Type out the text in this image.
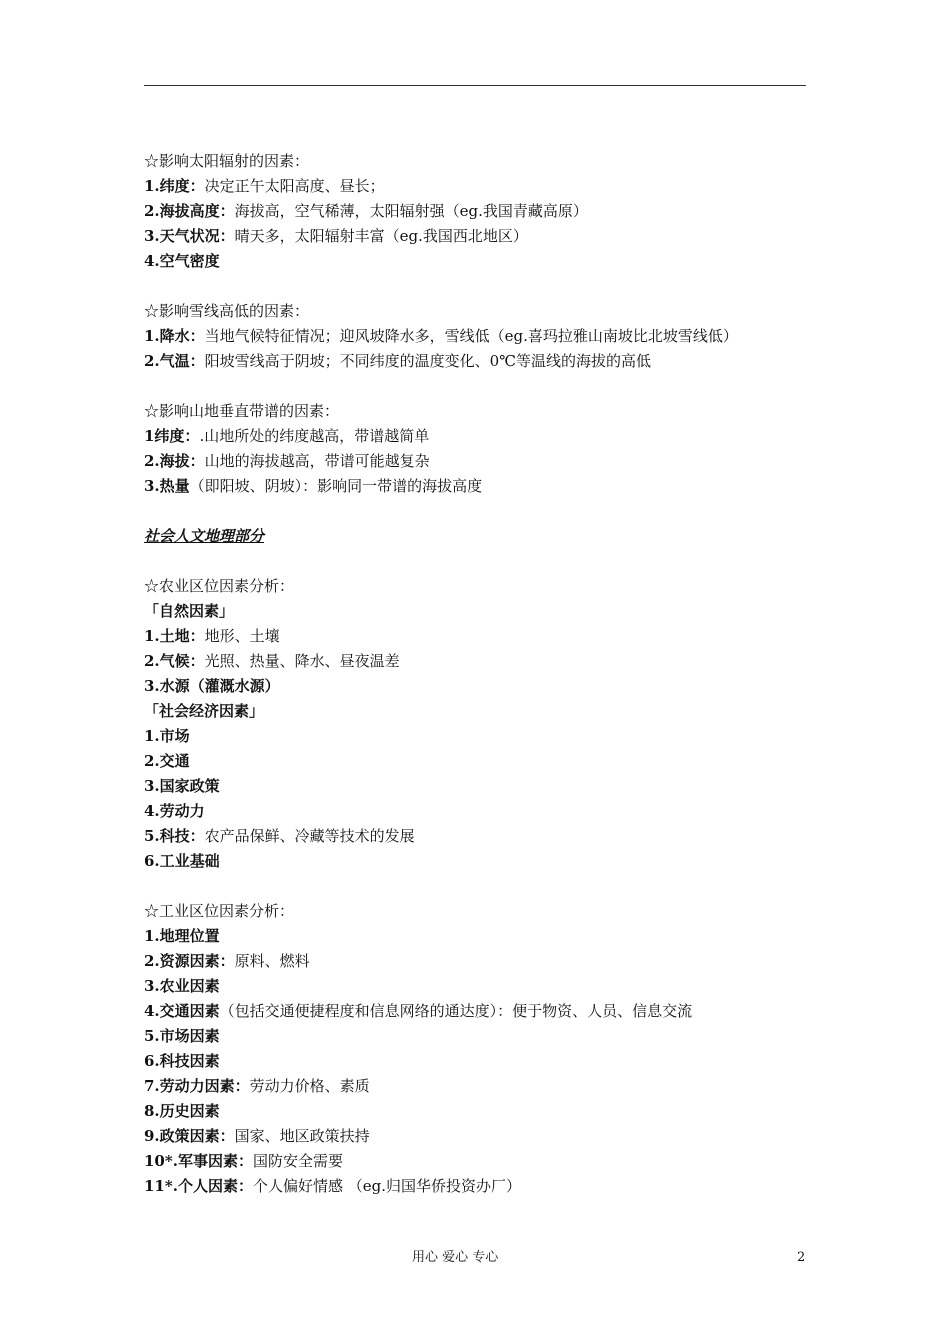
☆影响太阳辐射的因素：
1.纬度：决定正午太阳高度、昼长；
2.海拔高度：海拔高，空气稀薄，太阳辐射强（eg.我国青藏高原）
3.天气状况：晴天多，太阳辐射丰富（eg.我国西北地区）
4.空气密度
☆影响雪线高低的因素：
1.降水：当地气候特征情况；迎风坡降水多，雪线低（eg.喜玛拉雅山南坡比北坡雪线低）
2.气温：阳坡雪线高于阴坡；不同纬度的温度变化、0℃等温线的海拔的高低
☆影响山地垂直带谱的因素：
1纬度：.山地所处的纬度越高，带谱越简单
2.海拔：山地的海拔越高，带谱可能越复杂
3.热量（即阳坡、阴坡）：影响同一带谱的海拔高度
社会人文地理部分
☆农业区位因素分析：
「自然因素」
1.土地：地形、土壤
2.气候：光照、热量、降水、昼夜温差
3.水源（灌溉水源）
「社会经济因素」
1.市场
2.交通
3.国家政策
4.劳动力
5.科技：农产品保鲜、冷藏等技术的发展
6.工业基础
☆工业区位因素分析：
1.地理位置
2.资源因素：原料、燃料
3.农业因素
4.交通因素（包括交通便捷程度和信息网络的通达度）：便于物资、人员、信息交流
5.市场因素
6.科技因素
7.劳动力因素：劳动力价格、素质
8.历史因素
9.政策因素：国家、地区政策扶持
10*.军事因素：国防安全需要
11*.个人因素：个人偏好情感 （eg.归国华侨投资办厂）
用心 爱心 专心	2
